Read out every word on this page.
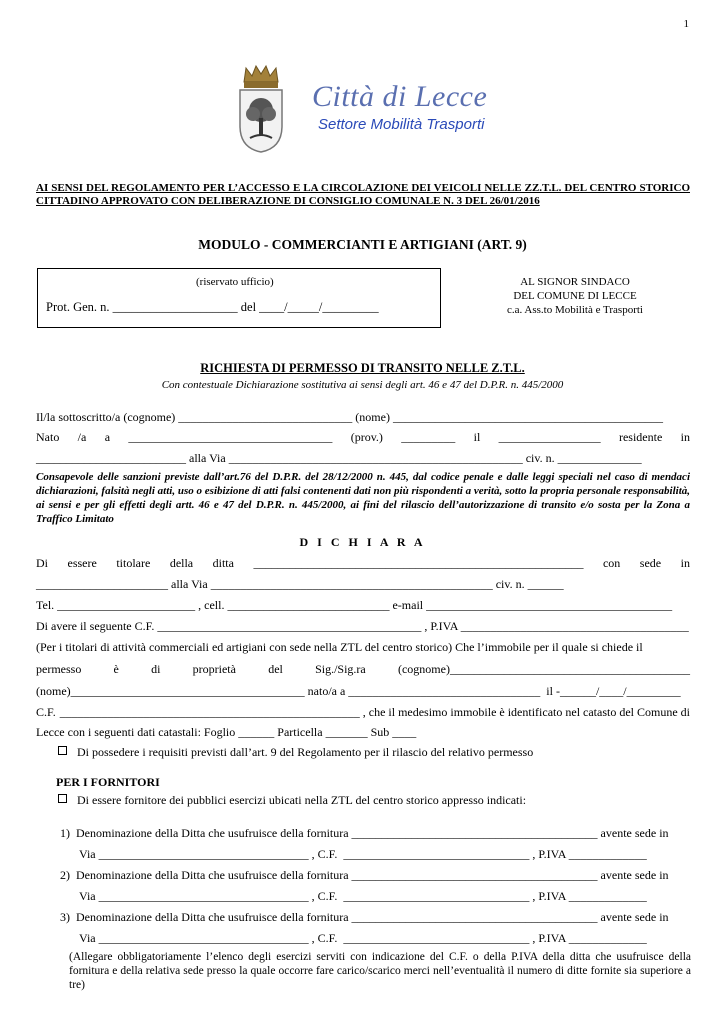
1
Città di Lecce
Settore Mobilità Trasporti
AI SENSI DEL REGOLAMENTO PER L’ACCESSO E LA CIRCOLAZIONE DEI VEICOLI NELLE ZZ.T.L. DEL CENTRO STORICO CITTADINO APPROVATO CON DELIBERAZIONE DI CONSIGLIO COMUNALE N. 3 DEL 26/01/2016
MODULO - COMMERCIANTI E ARTIGIANI (ART. 9)
(riservato ufficio)
Prot. Gen. n. ____________________ del ____/_____/_________
AL SIGNOR SINDACO
DEL COMUNE DI LECCE
c.a. Ass.to Mobilità e Trasporti
RICHIESTA DI PERMESSO DI TRANSITO NELLE Z.T.L.
Con contestuale Dichiarazione sostitutiva ai sensi degli art. 46 e 47 del D.P.R. n. 445/2000
Il/la sottoscritto/a (cognome) _____________________________ (nome) _____________________________________________
Nato /a a __________________________________ (prov.) _________ il _________________ residente in
_________________________ alla Via _________________________________________________ civ. n. ______________
Consapevole delle sanzioni previste dall’art.76 del D.P.R. del 28/12/2000 n. 445, dal codice penale e dalle leggi speciali nel caso di mendaci dichiarazioni, falsità negli atti, uso o esibizione di atti falsi contenenti dati non più rispondenti a verità, sotto la propria personale responsabilità, ai sensi e per gli effetti degli artt. 46 e 47 del D.P.R. n. 445/2000, ai fini del rilascio dell’autorizzazione di transito e/o sosta per la Zona a Traffico Limitato
D I C H I A R A
Di essere titolare della ditta _______________________________________________________ con sede in
______________________ alla Via _______________________________________________ civ. n. ______
Tel. _______________________ , cell. ___________________________ e-mail _________________________________________
Di avere il seguente C.F. ____________________________________________ , P.IVA ______________________________________
(Per i titolari di attività commerciali ed artigiani con sede nella ZTL del centro storico) Che l’immobile per il quale si chiede il
permesso	è	di	proprietà	del	Sig./Sig.ra	(cognome)________________________________________
(nome)_______________________________________ nato/a a ________________________________  il -______/____/_________
C.F. __________________________________________________ , che il medesimo immobile è identificato nel catasto del Comune di
Lecce con i seguenti dati catastali: Foglio ______ Particella _______ Sub ____
Di possedere i requisiti previsti dall’art. 9 del Regolamento per il rilascio del relativo permesso
PER I FORNITORI
Di essere fornitore dei pubblici esercizi ubicati nella ZTL del centro storico appresso indicati:
1)  Denominazione della Ditta che usufruisce della fornitura _________________________________________ avente sede in
Via ___________________________________ , C.F.  _______________________________ , P.IVA _____________
2)  Denominazione della Ditta che usufruisce della fornitura _________________________________________ avente sede in
Via ___________________________________ , C.F.  _______________________________ , P.IVA _____________
3)  Denominazione della Ditta che usufruisce della fornitura _________________________________________ avente sede in
Via ___________________________________ , C.F.  _______________________________ , P.IVA _____________
(Allegare obbligatoriamente l’elenco degli esercizi serviti con indicazione del C.F. o della P.IVA della ditta che usufruisce della fornitura e della relativa sede presso la quale occorre fare carico/scarico merci nell’eventualità il numero di ditte fornite sia superiore a tre)
